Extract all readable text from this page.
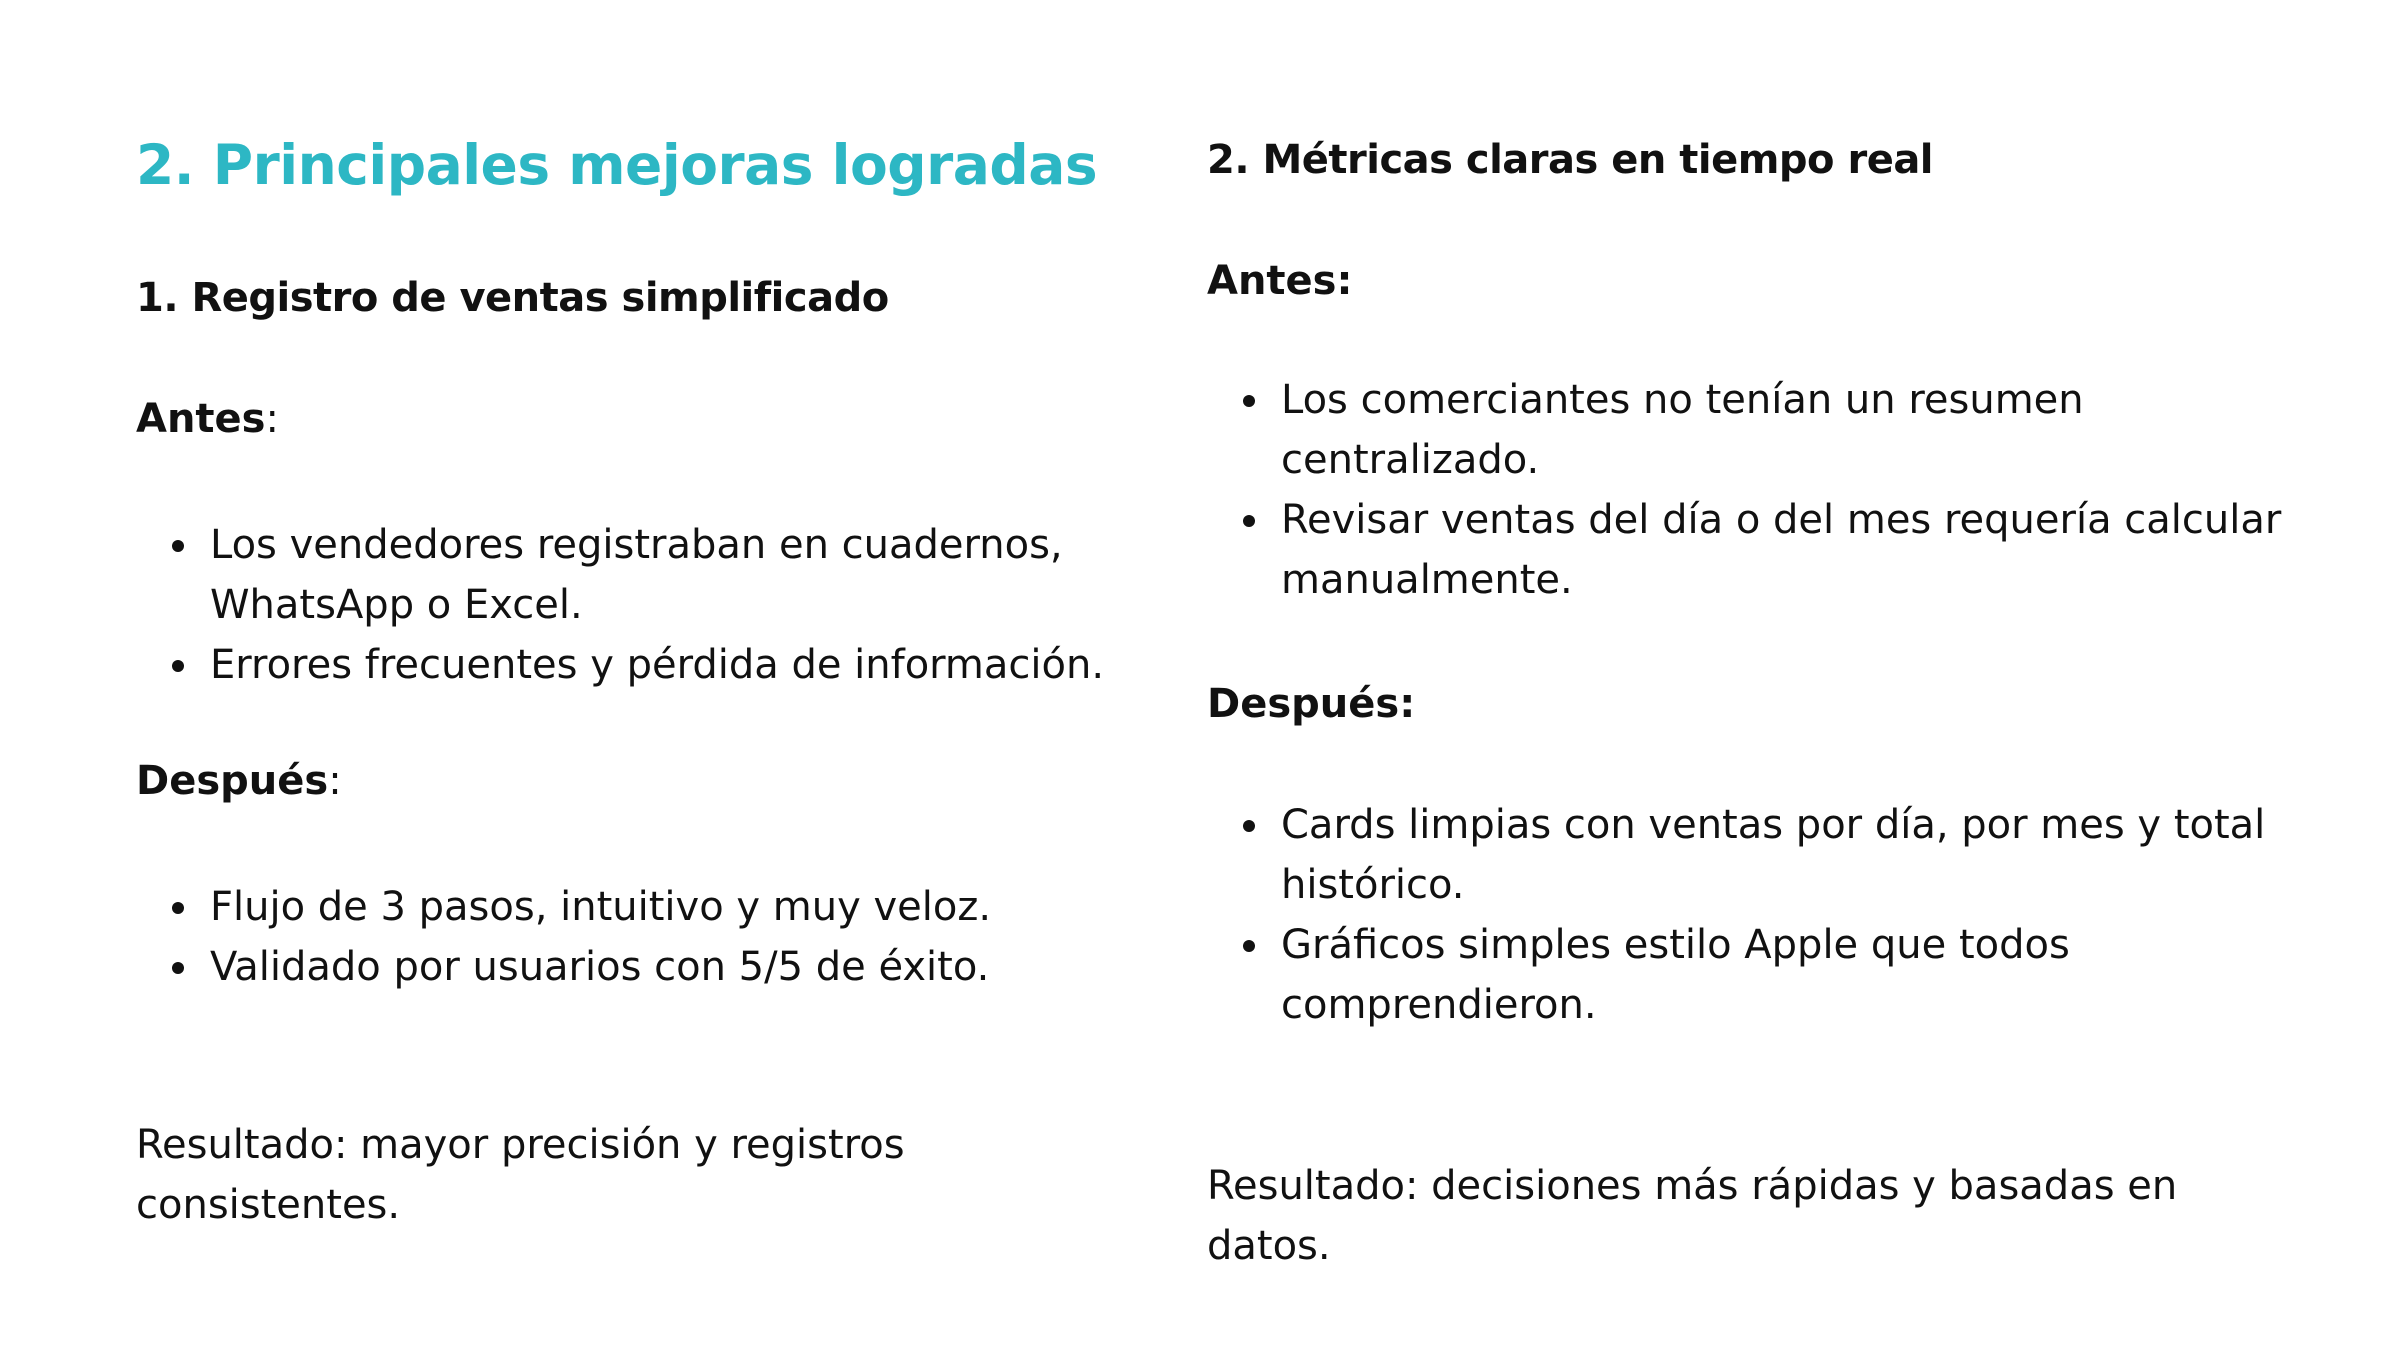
2. Principales mejoras logradas
1. Registro de ventas simplificado

Antes:

Los vendedores registraban en cuadernos, WhatsApp o Excel.
Errores frecuentes y pérdida de información.

Después:

Flujo de 3 pasos, intuitivo y muy veloz.
Validado por usuarios con 5/5 de éxito.

Resultado: mayor precisión y registros consistentes.

2. Métricas claras en tiempo real

Antes:

Los comerciantes no tenían un resumen centralizado.
Revisar ventas del día o del mes requería calcular manualmente.

Después:

Cards limpias con ventas por día, por mes y total histórico.
Gráficos simples estilo Apple que todos comprendieron.

Resultado: decisiones más rápidas y basadas en datos.
